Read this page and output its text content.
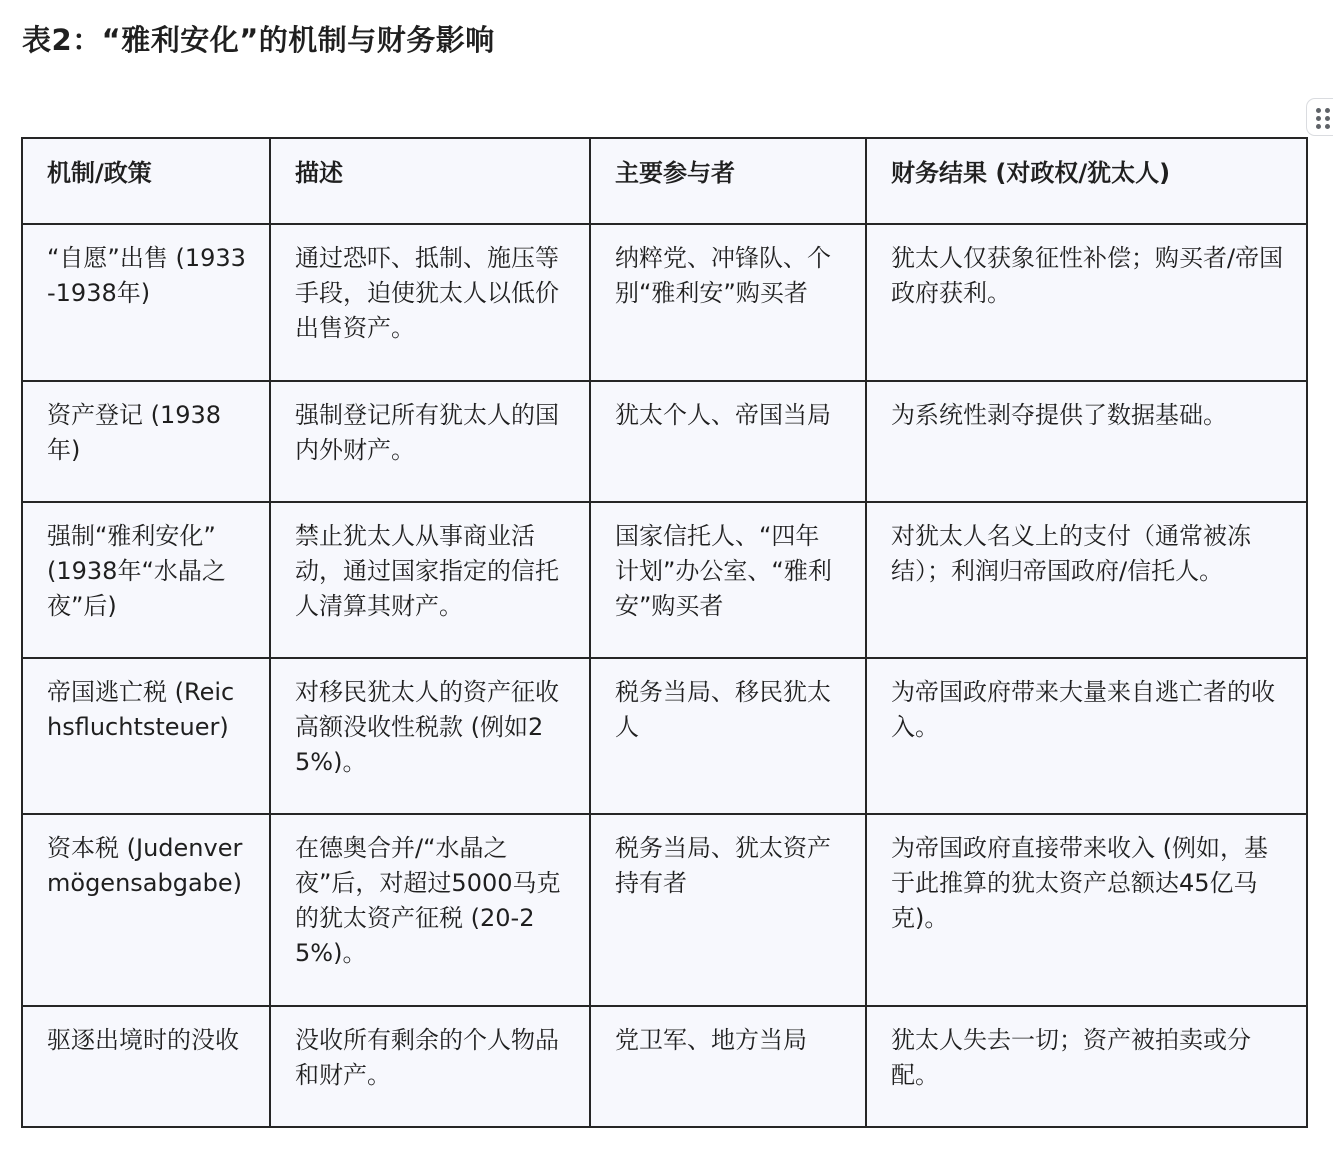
表2：“雅利安化”的机制与财务影响
机制/政策	描述	主要参与者	财务结果 (对政权/犹太人)
“自愿”出售 (1933-1938年)	通过恐吓、抵制、施压等手段，迫使犹太人以低价出售资产。	纳粹党、冲锋队、个别“雅利安”购买者	犹太人仅获象征性补偿；购买者/帝国政府获利。
资产登记 (1938年)	强制登记所有犹太人的国内外财产。	犹太个人、帝国当局	为系统性剥夺提供了数据基础。
强制“雅利安化” (1938年“水晶之夜”后)	禁止犹太人从事商业活动，通过国家指定的信托人清算其财产。	国家信托人、“四年计划”办公室、“雅利安”购买者	对犹太人名义上的支付（通常被冻结）；利润归帝国政府/信托人。
帝国逃亡税 (Reichsfluchtsteuer)	对移民犹太人的资产征收高额没收性税款 (例如25%)。	税务当局、移民犹太人	为帝国政府带来大量来自逃亡者的收入。
资本税 (Judenvermögensabgabe)	在德奥合并/“水晶之夜”后，对超过5000马克的犹太资产征税 (20-25%)。	税务当局、犹太资产持有者	为帝国政府直接带来收入 (例如，基于此推算的犹太资产总额达45亿马克)。
驱逐出境时的没收	没收所有剩余的个人物品和财产。	党卫军、地方当局	犹太人失去一切；资产被拍卖或分配。
